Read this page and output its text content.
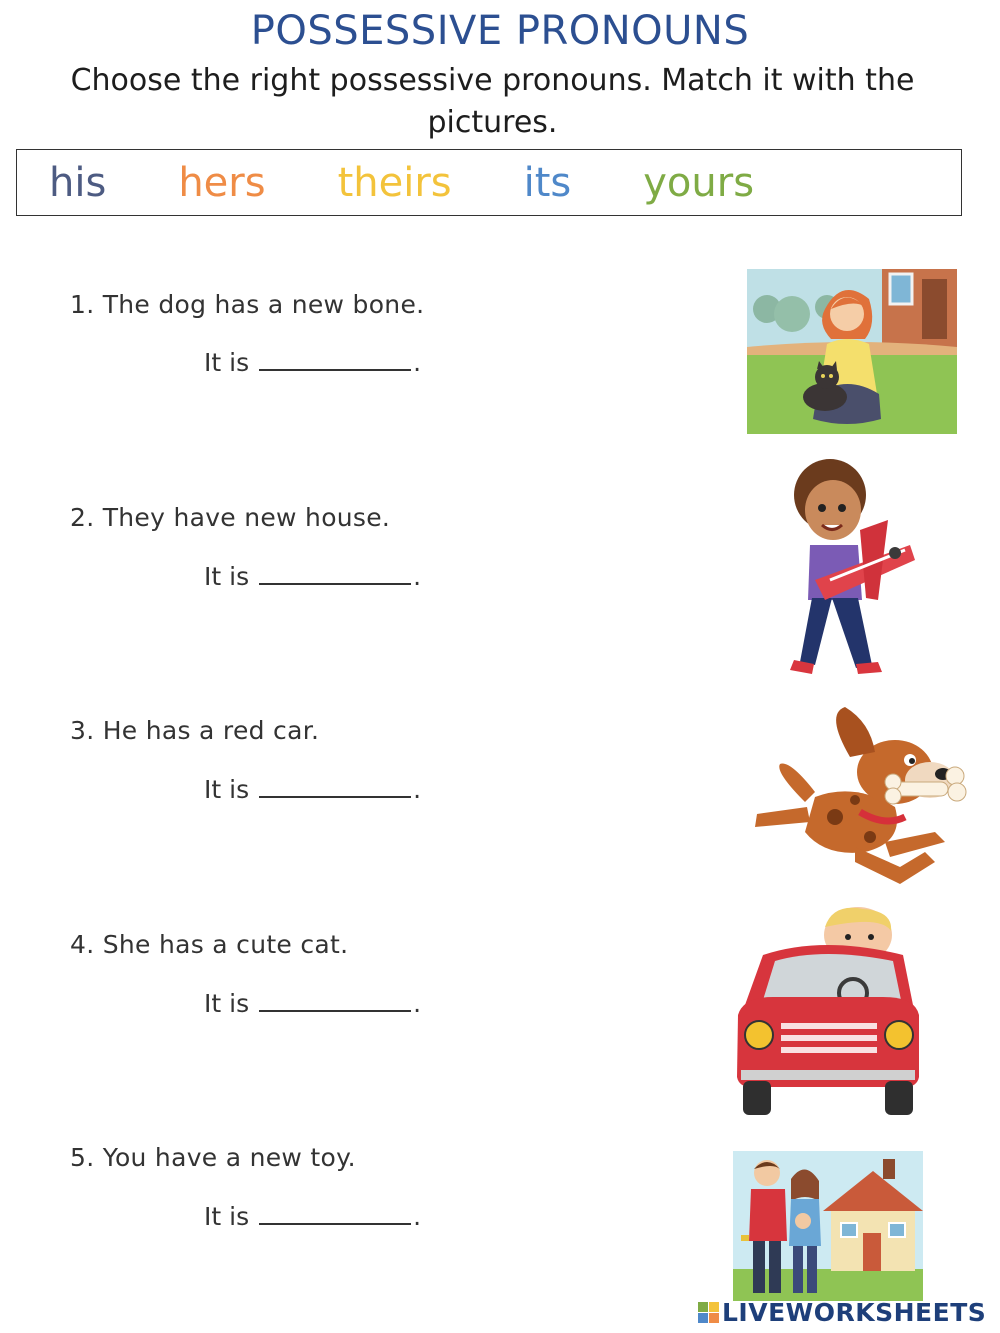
POSSESSIVE PRONOUNS

Choose the right possessive pronouns. Match it with the pictures.

his hers theirs its yours
1. The dog has a new bone.
It is	.
2. They have new house.
It is	.
3. He has a red car.
It is	.
4. She has a cute cat.
It is	.
5. You have a new toy.
It is	.
LIVEWORKSHEETS
